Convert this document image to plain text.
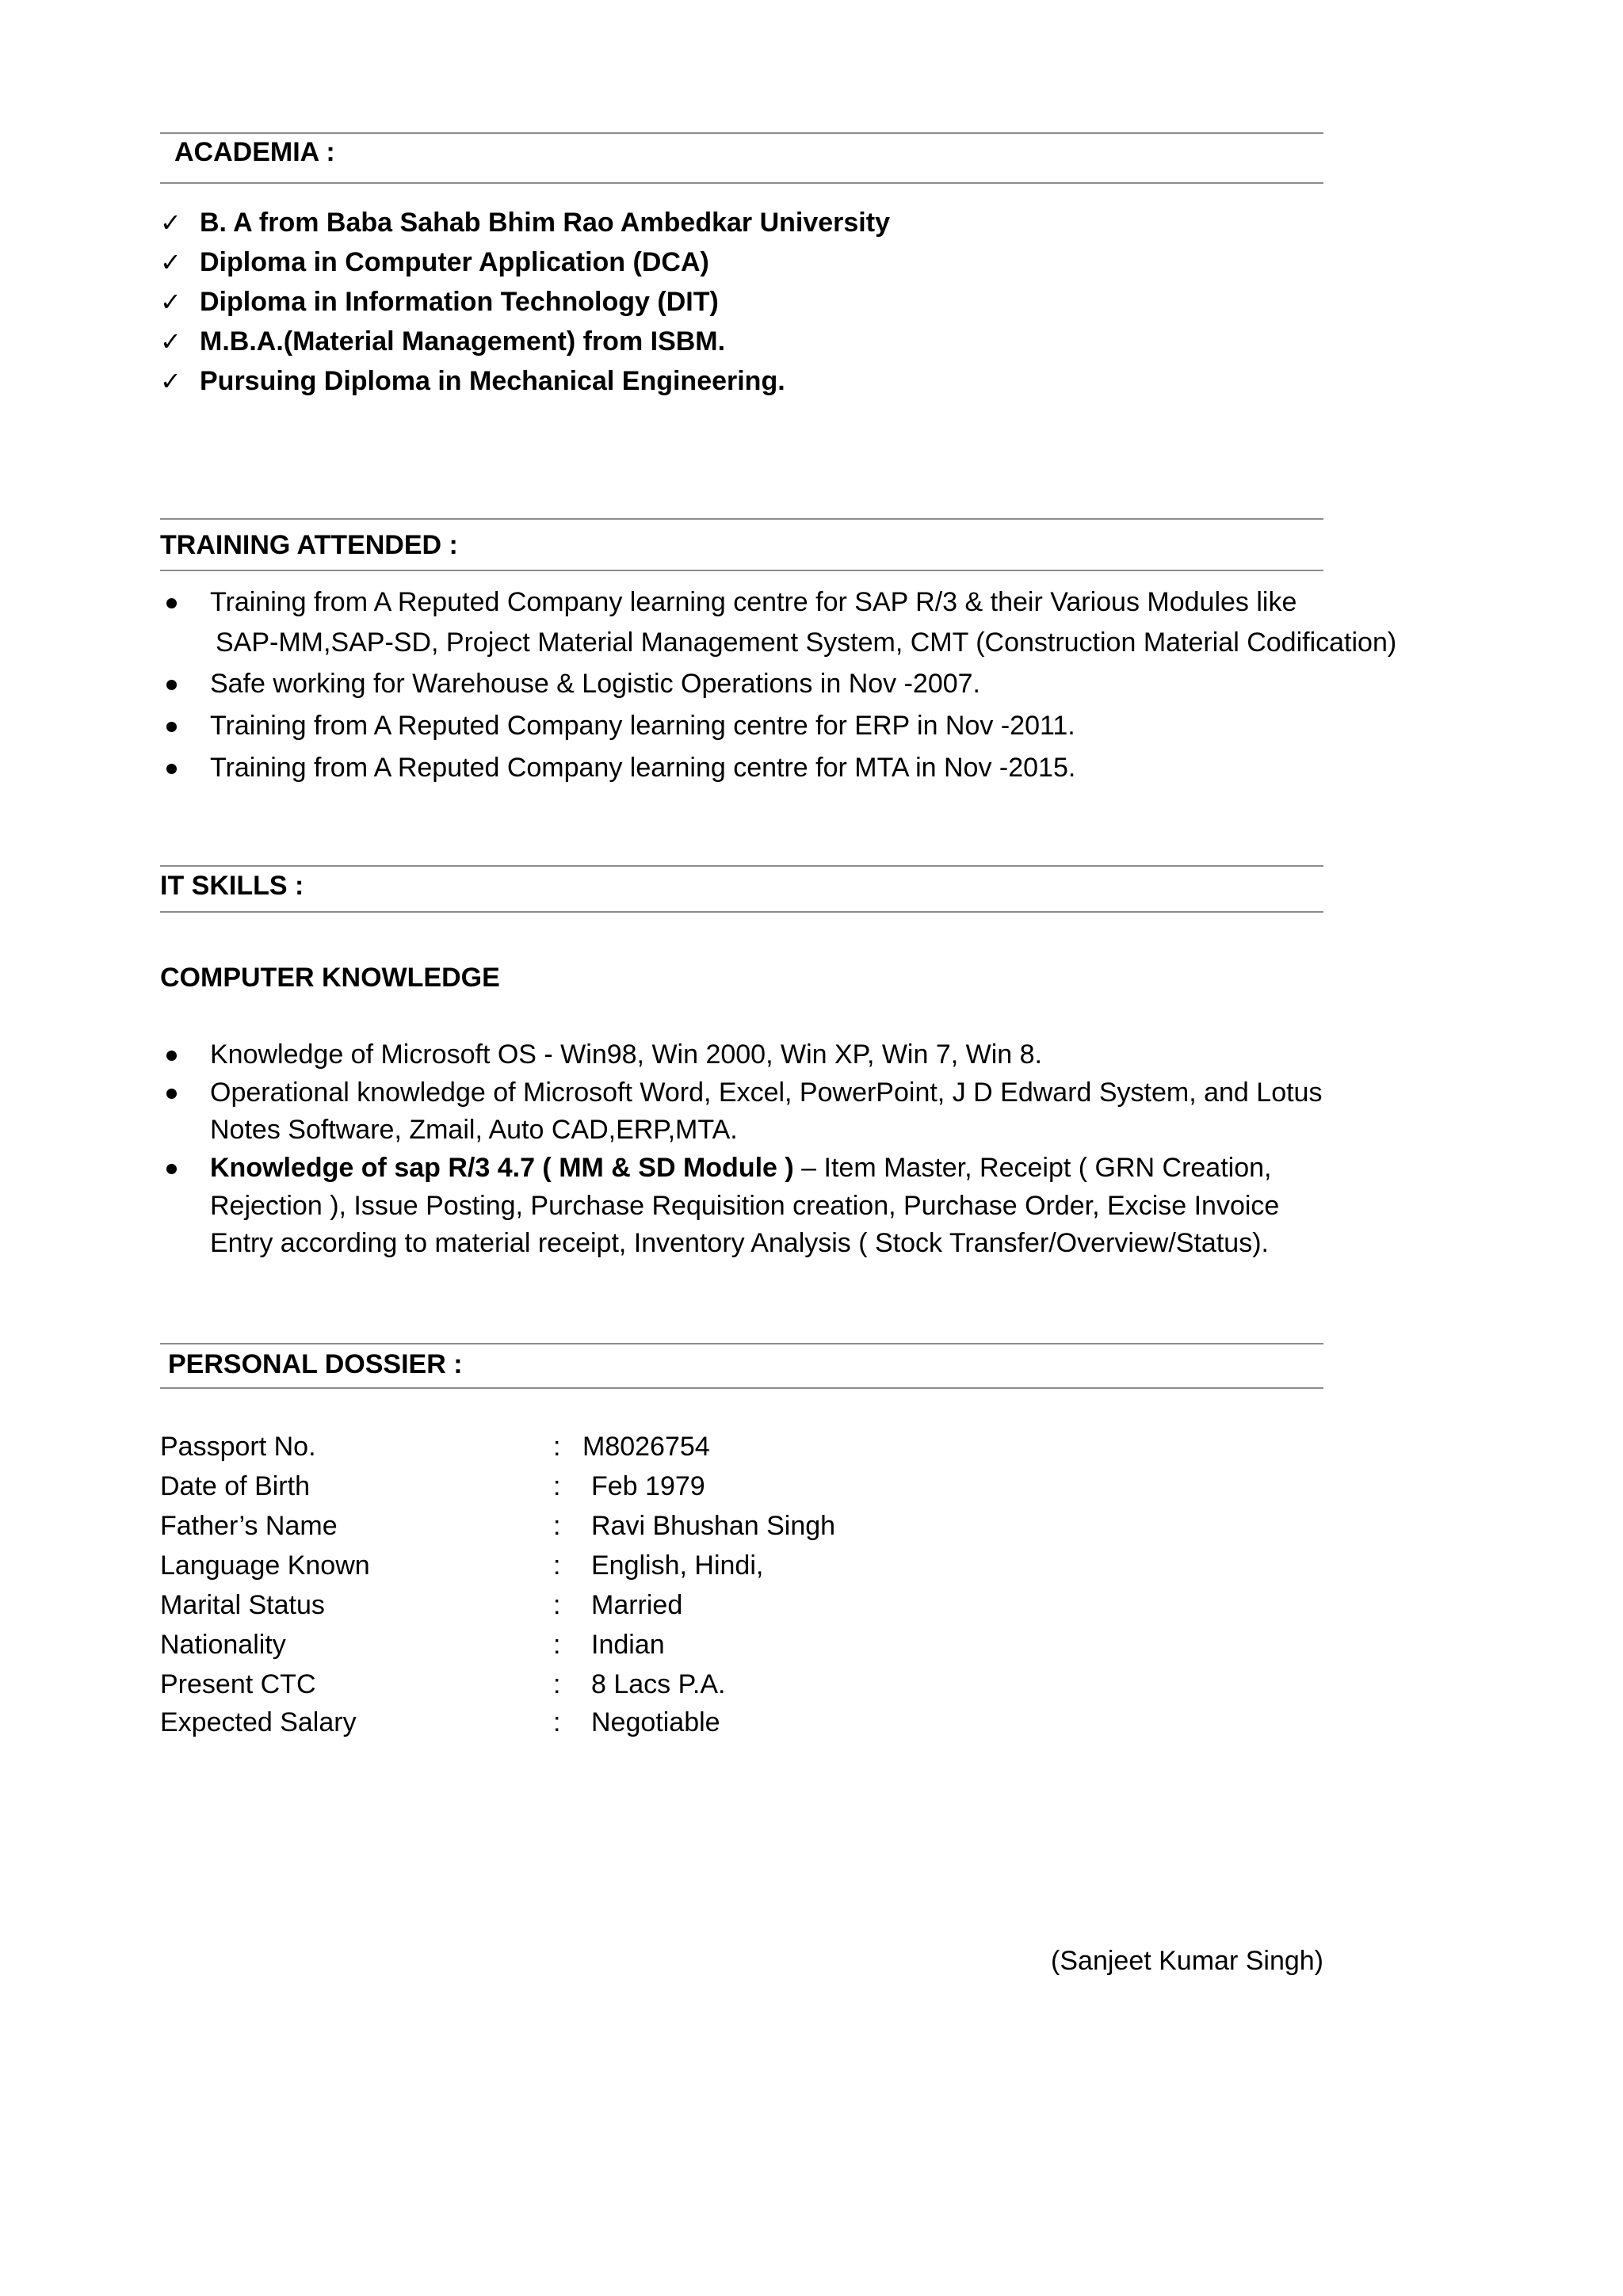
ACADEMIA :
✓ B. A from Baba Sahab Bhim Rao Ambedkar University
✓ Diploma in Computer Application (DCA)
✓ Diploma in Information Technology (DIT)
✓ M.B.A.(Material Management) from ISBM.
✓ Pursuing Diploma in Mechanical Engineering.
TRAINING ATTENDED :
Training from A Reputed Company learning centre for SAP R/3 & their Various Modules like
SAP-MM,SAP-SD, Project Material Management System, CMT (Construction Material Codification)
Safe working for Warehouse & Logistic Operations in Nov -2007.
Training from A Reputed Company learning centre for ERP in Nov -2011.
Training from A Reputed Company learning centre for MTA in Nov -2015.
IT SKILLS :
COMPUTER KNOWLEDGE
Knowledge of Microsoft OS - Win98, Win 2000, Win XP, Win 7, Win 8.
Operational knowledge of Microsoft Word, Excel, PowerPoint, J D Edward System, and Lotus
Notes Software, Zmail, Auto CAD,ERP,MTA.
Knowledge of sap R/3 4.7 ( MM & SD Module ) – Item Master, Receipt ( GRN Creation,
Rejection ), Issue Posting, Purchase Requisition creation, Purchase Order, Excise Invoice
Entry according to material receipt, Inventory Analysis ( Stock Transfer/Overview/Status).
PERSONAL DOSSIER :
Passport No.	: M8026754
Date of Birth	: Feb 1979
Father’s Name	: Ravi Bhushan Singh
Language Known	: English, Hindi,
Marital Status	: Married
Nationality	: Indian
Present CTC	: 8 Lacs P.A.
Expected Salary	: Negotiable
(Sanjeet Kumar Singh)
